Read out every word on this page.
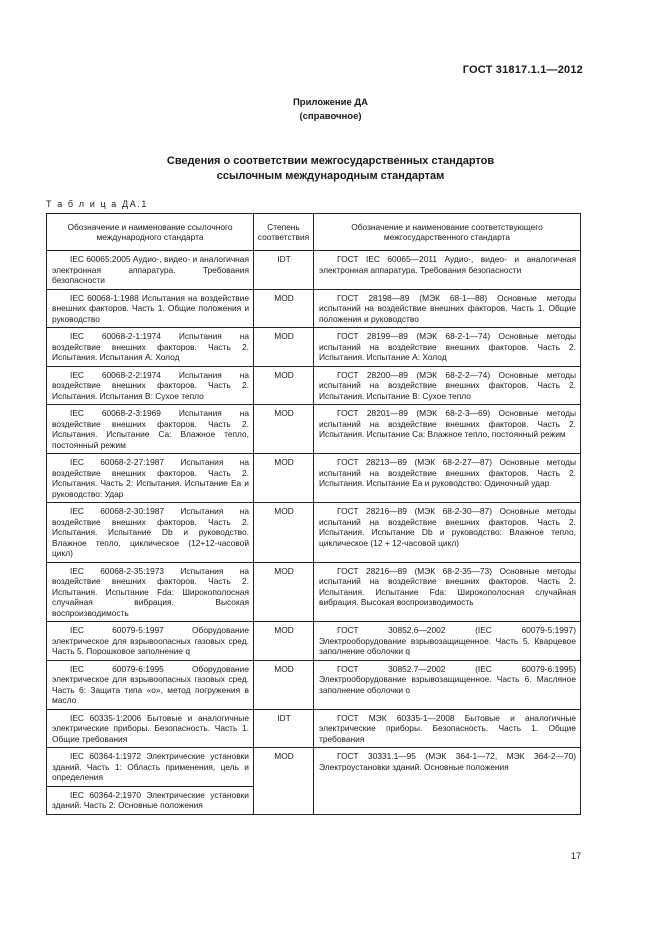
ГОСТ 31817.1.1—2012
Приложение ДА
(справочное)
Сведения о соответствии межгосударственных стандартов
ссылочным международным стандартам
Т а б л и ц а ДА.1
Обозначение и наименование ссылочного международного стандарта	Степень соответствия	Обозначение и наименование соответствующего межгосударственного стандарта
IEC 60065:2005 Аудио-, видео- и аналогичная электронная аппаратура. Требования безопасности	IDT	ГОСТ IEC 60065—2011 Аудио-, видео- и аналогичная электронная аппаратура. Требования безопасности
IEC 60068-1:1988 Испытания на воздействие внешних факторов. Часть 1. Общие положения и руководство	MOD	ГОСТ 28198—89 (МЭК 68-1—88) Основные методы испытаний на воздействие внешних факторов. Часть 1. Общие положения и руководство
IEC 60068-2-1:1974 Испытания на воздействие внешних факторов. Часть 2. Испытания. Испытания А: Холод	MOD	ГОСТ 28199—89 (МЭК 68-2-1—74) Основные методы испытаний на воздействие внешних факторов. Часть 2. Испытания. Испытание А: Холод
IEC 60068-2-2:1974 Испытания на воздействие внешних факторов. Часть 2. Испытания. Испытания В: Сухое тепло	MOD	ГОСТ 28200—89 (МЭК 68-2-2—74) Основные методы испытаний на воздействие внешних факторов. Часть 2. Испытания. Испытание В: Сухое тепло
IEC 60068-2-3:1969 Испытания на воздействие внешних факторов. Часть 2. Испытания. Испытание Са: Влажное тепло, постоянный режим	MOD	ГОСТ 28201—89 (МЭК 68-2-3—69) Основные методы испытаний на воздействие внешних факторов. Часть 2. Испытания. Испытание Са: Влажное тепло, постоянный режим
IEC 60068-2-27:1987 Испытания на воздействие внешних факторов. Часть 2. Испытания. Часть 2: Испытания. Испытание Еа и руководство: Удар	MOD	ГОСТ 28213—89 (МЭК 68-2-27—87) Основные методы испытаний на воздействие внешних факторов. Часть 2. Испытания. Испытание Еа и руководство: Одиночный удар
IEC 60068-2-30:1987 Испытания на воздействие внешних факторов. Часть 2. Испытания. Испытание Db и руководство. Влажное тепло, циклическое (12+12-часовой цикл)	MOD	ГОСТ 28216—89 (МЭК 68-2-30—87) Основные методы испытаний на воздействие внешних факторов. Часть 2. Испытания. Испытание Db и руководство: Влажное тепло, циклическое (12 + 12-часовой цикл)
IEC 60068-2-35:1973 Испытания на воздействие внешних факторов. Часть 2. Испытания. Испытание Fda: Широкополосная случайная вибрация. Высокая воспроизводимость	MOD	ГОСТ 28216—89 (МЭК 68-2-35—73) Основные методы испытаний на воздействие внешних факторов. Часть 2. Испытания. Испытание Fda: Широкополосная случайная вибрация. Высокая воспроизводимость
IEC 60079-5:1997 Оборудование электрическое для взрывоопасных газовых сред. Часть 5. Порошковое заполнение q	MOD	ГОСТ 30852.6—2002 (IEC 60079-5:1997) Электрооборудование взрывозащищенное. Часть 5. Кварцевое заполнение оболочки q
IEC 60079-6:1995 Оборудование электрическое для взрывоопасных газовых сред. Часть 6: Защита типа «о», метод погружения в масло	MOD	ГОСТ 30852.7—2002 (IEC 60079-6:1995) Электрооборудование взрывозащищенное. Часть 6. Масляное заполнение оболочки о
IEC 60335-1:2006 Бытовые и аналогичные электрические приборы. Безопасность. Часть 1. Общие требования	IDT	ГОСТ МЭК 60335-1—2008 Бытовые и аналогичные электрические приборы. Безопасность. Часть 1. Общие требования
IEC 60364-1:1972 Электрические установки зданий. Часть 1: Область применения, цель и определения	MOD	ГОСТ 30331.1—95 (МЭК 364-1—72, МЭК 364-2—70) Электроустановки зданий. Основные положения
IEC 60364-2:1970 Электрические установки зданий. Часть 2: Основные положения		
17
